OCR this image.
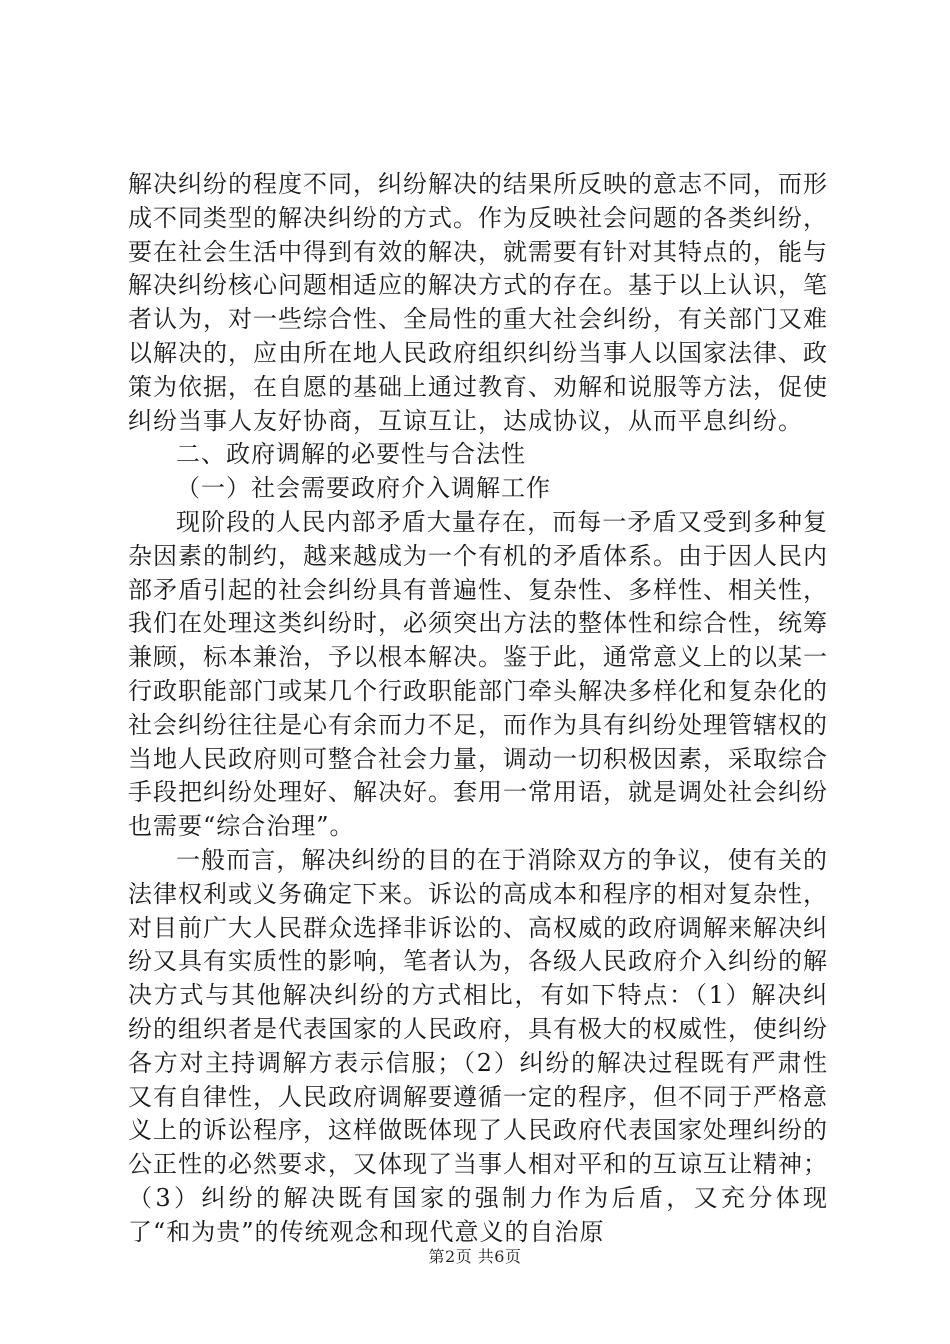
解决纠纷的程度不同，纠纷解决的结果所反映的意志不同，而形成不同类型的解决纠纷的方式。作为反映社会问题的各类纠纷，要在社会生活中得到有效的解决，就需要有针对其特点的，能与解决纠纷核心问题相适应的解决方式的存在。基于以上认识，笔者认为，对一些综合性、全局性的重大社会纠纷，有关部门又难以解决的，应由所在地人民政府组织纠纷当事人以国家法律、政策为依据，在自愿的基础上通过教育、劝解和说服等方法，促使纠纷当事人友好协商，互谅互让，达成协议，从而平息纠纷。

二、政府调解的必要性与合法性

（一）社会需要政府介入调解工作

现阶段的人民内部矛盾大量存在，而每一矛盾又受到多种复杂因素的制约，越来越成为一个有机的矛盾体系。由于因人民内部矛盾引起的社会纠纷具有普遍性、复杂性、多样性、相关性，我们在处理这类纠纷时，必须突出方法的整体性和综合性，统筹兼顾，标本兼治，予以根本解决。鉴于此，通常意义上的以某一行政职能部门或某几个行政职能部门牵头解决多样化和复杂化的社会纠纷往往是心有余而力不足，而作为具有纠纷处理管辖权的当地人民政府则可整合社会力量，调动一切积极因素，采取综合手段把纠纷处理好、解决好。套用一常用语，就是调处社会纠纷也需要“综合治理”。

一般而言，解决纠纷的目的在于消除双方的争议，使有关的法律权利或义务确定下来。诉讼的高成本和程序的相对复杂性，对目前广大人民群众选择非诉讼的、高权威的政府调解来解决纠纷又具有实质性的影响，笔者认为，各级人民政府介入纠纷的解决方式与其他解决纠纷的方式相比，有如下特点：（1）解决纠纷的组织者是代表国家的人民政府，具有极大的权威性，使纠纷各方对主持调解方表示信服；（2）纠纷的解决过程既有严肃性又有自律性，人民政府调解要遵循一定的程序，但不同于严格意义上的诉讼程序，这样做既体现了人民政府代表国家处理纠纷的公正性的必然要求，又体现了当事人相对平和的互谅互让精神；（3）纠纷的解决既有国家的强制力作为后盾，又充分体现了“和为贵”的传统观念和现代意义的自治原

第2页 共6页
